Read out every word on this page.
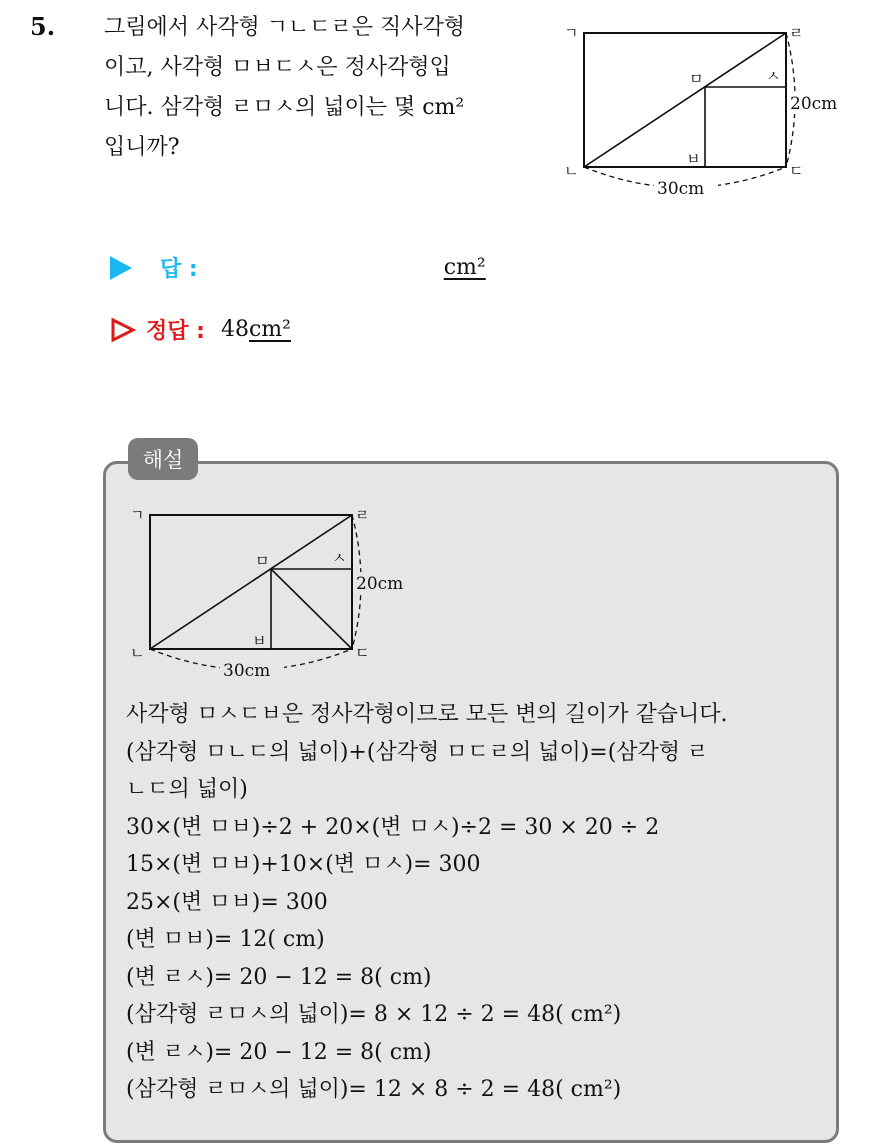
5. 그림에서 사각형 ㄱㄴㄷㄹ은 직사각형
이고, 사각형 ㅁㅂㄷㅅ은 정사각형입
니다. 삼각형 ㄹㅁㅅ의 넓이는 몇 cm²
입니까?
ㄱ	ㄹ
ㄴ	ㄷ
ㅁ	ㅅ
ㅂ
20cm
30cm
답 :	cm²
정답 : 48 cm²
해설
ㄱ	ㄹ
ㄴ	ㄷ
ㅁ	ㅅ
ㅂ
20cm
30cm
사각형 ㅁㅅㄷㅂ은 정사각형이므로 모든 변의 길이가 같습니다.
(삼각형 ㅁㄴㄷ의 넓이)+(삼각형 ㅁㄷㄹ의 넓이)=(삼각형 ㄹ
ㄴㄷ의 넓이)
30×(변 ㅁㅂ)÷2 + 20×(변 ㅁㅅ)÷2 = 30 × 20 ÷ 2
15×(변 ㅁㅂ)+10×(변 ㅁㅅ)= 300
25×(변 ㅁㅂ)= 300
(변 ㅁㅂ)= 12( cm)
(변 ㄹㅅ)= 20 − 12 = 8( cm)
(삼각형 ㄹㅁㅅ의 넓이)= 8 × 12 ÷ 2 = 48( cm²)
(변 ㄹㅅ)= 20 − 12 = 8( cm)
(삼각형 ㄹㅁㅅ의 넓이)= 12 × 8 ÷ 2 = 48( cm²)
